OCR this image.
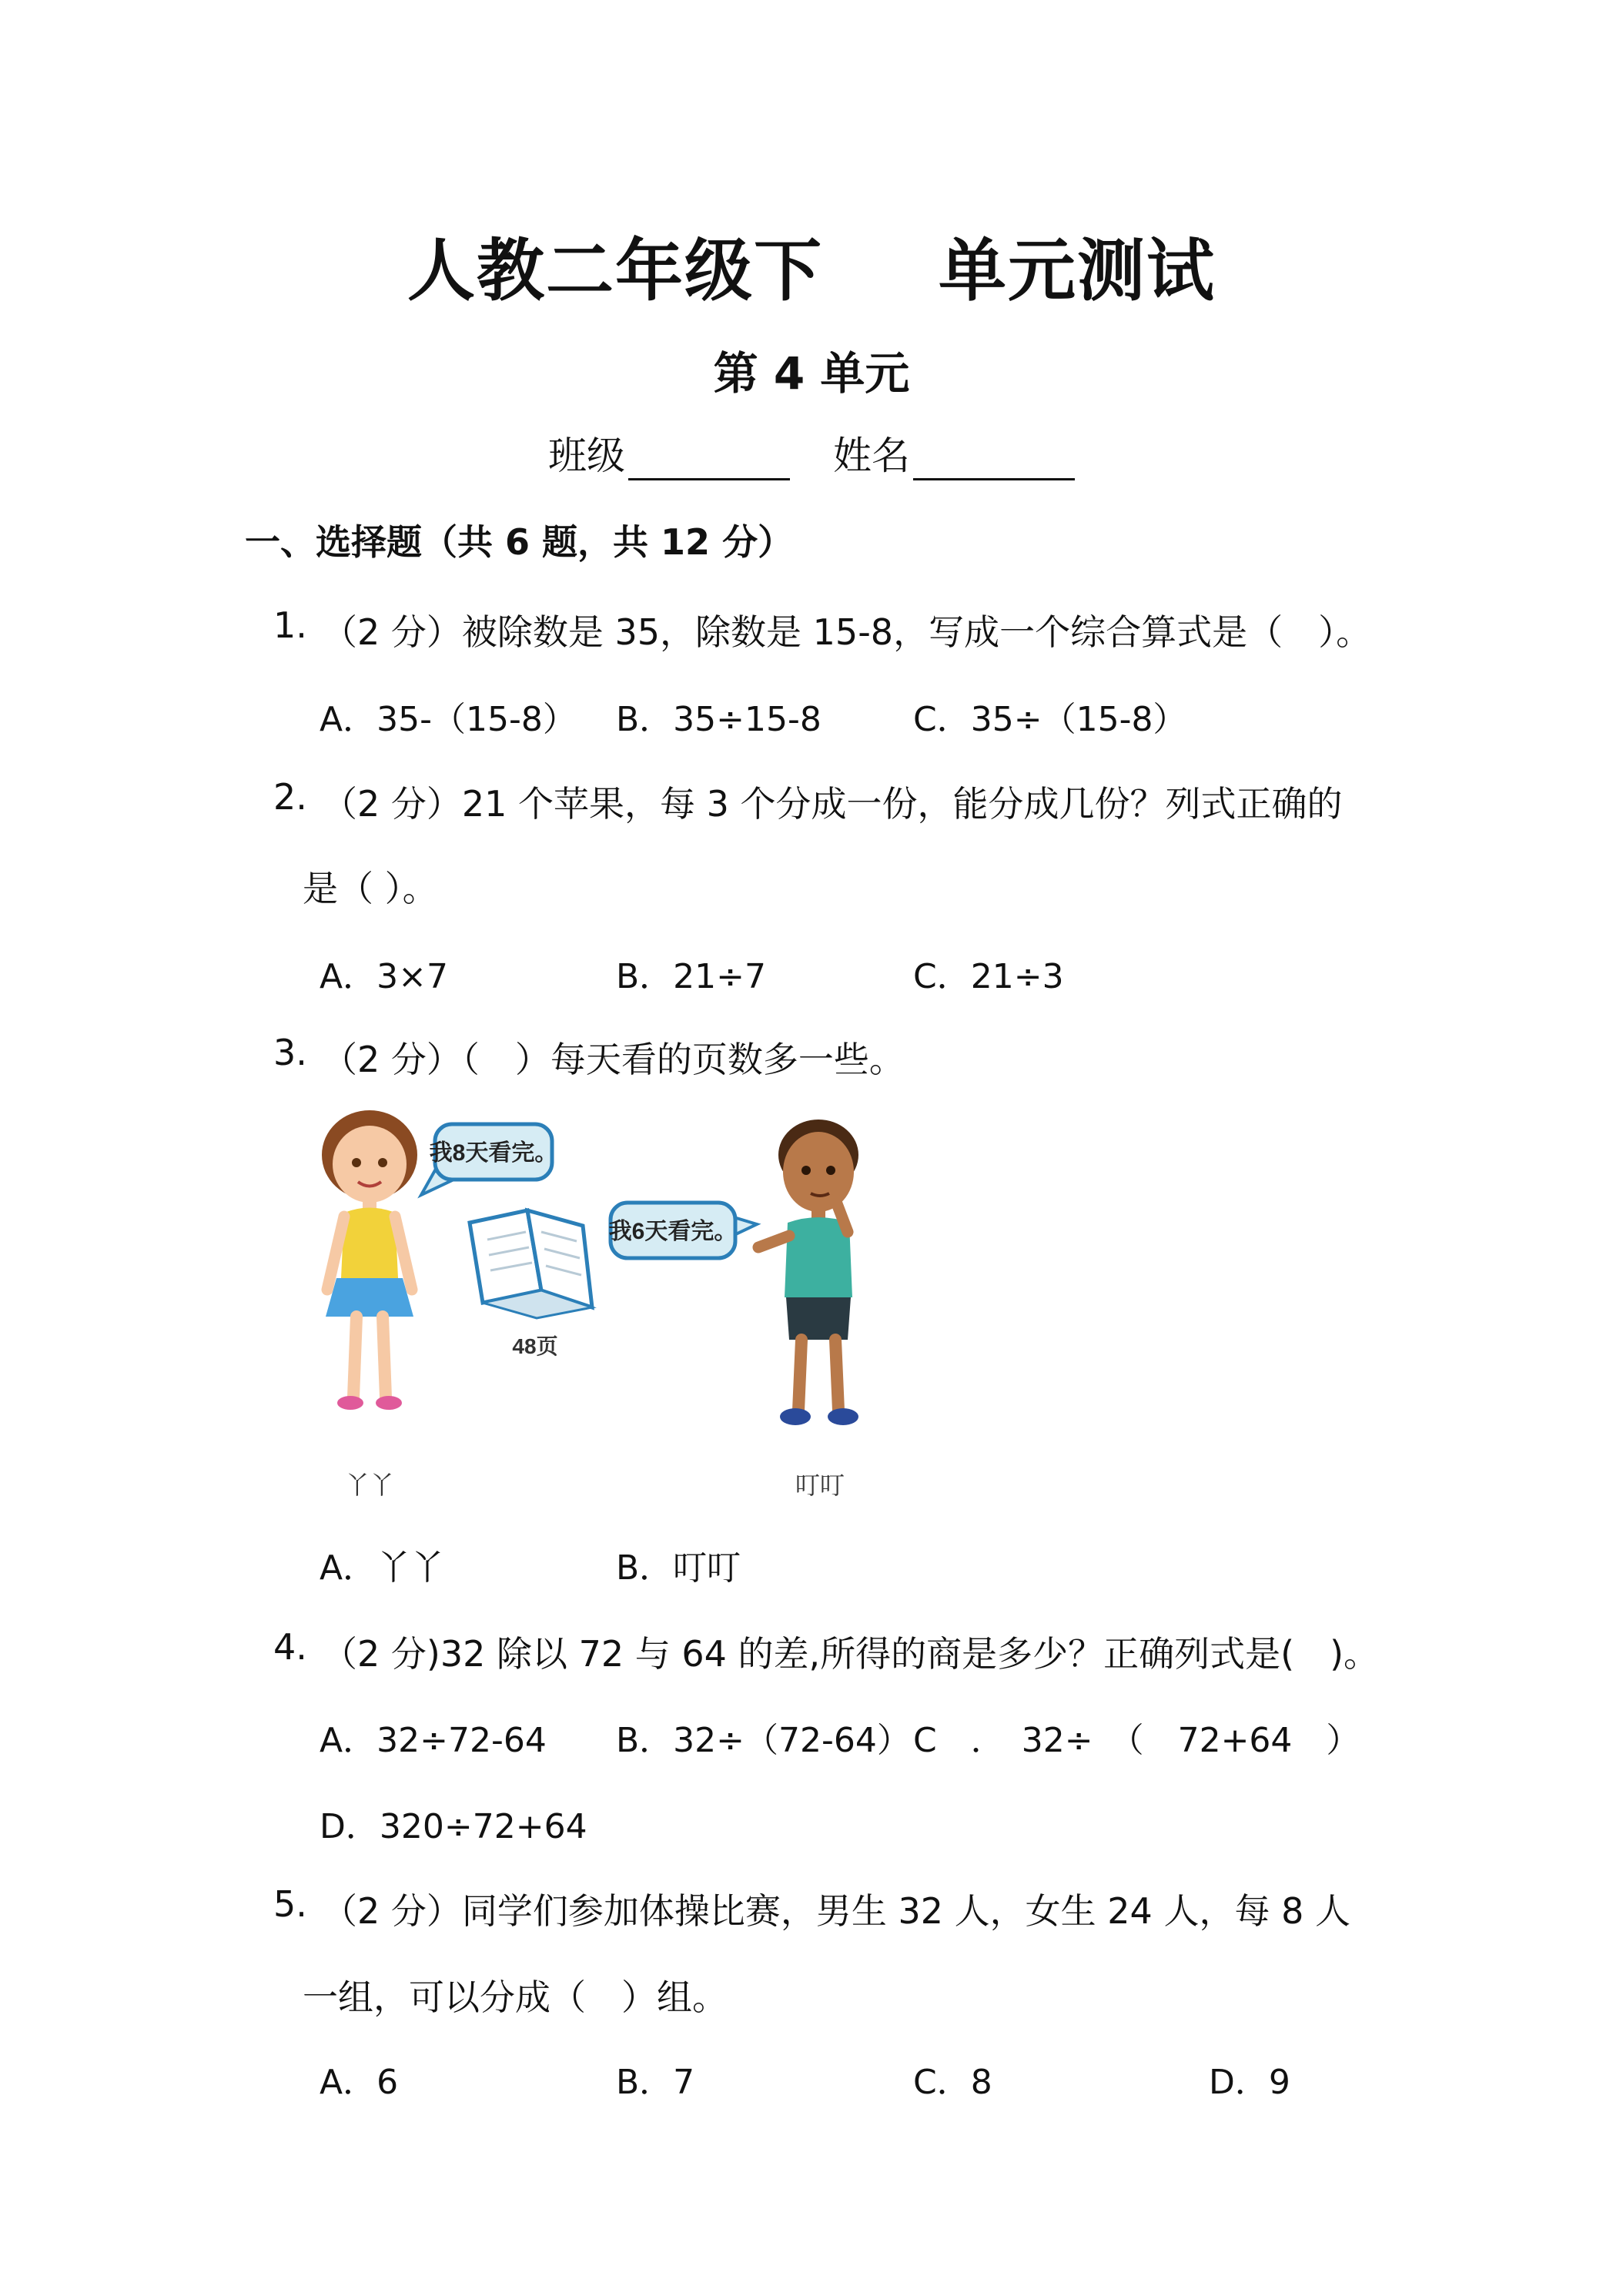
人教二年级下 单元测试
第 4 单元
班级	姓名
一、选择题（共 6 题，共 12 分）
1. （2 分）被除数是 35，除数是 15-8，写成一个综合算式是（　）。
A．35-（15-8） B．35÷15-8	C．35÷（15-8）
2. （2 分）21 个苹果，每 3 个分成一份，能分成几份？列式正确的
是（ ）。
A．3×7	B．21÷7	C．21÷3
3. （2 分）（　）每天看的页数多一些。
我8天看完。
48页
我6天看完。
丫丫	叮叮
A．丫丫	B．叮叮
4. （2 分)32 除以 72 与 64 的差,所得的商是多少？正确列式是(　)。
A．32÷72-64 B．32÷（72-64） C　．　32÷　（　72+64　）
D．320÷72+64
5. （2 分）同学们参加体操比赛，男生 32 人，女生 24 人，每 8 人
一组，可以分成（　）组。
A．6	B．7	C．8	D．9
